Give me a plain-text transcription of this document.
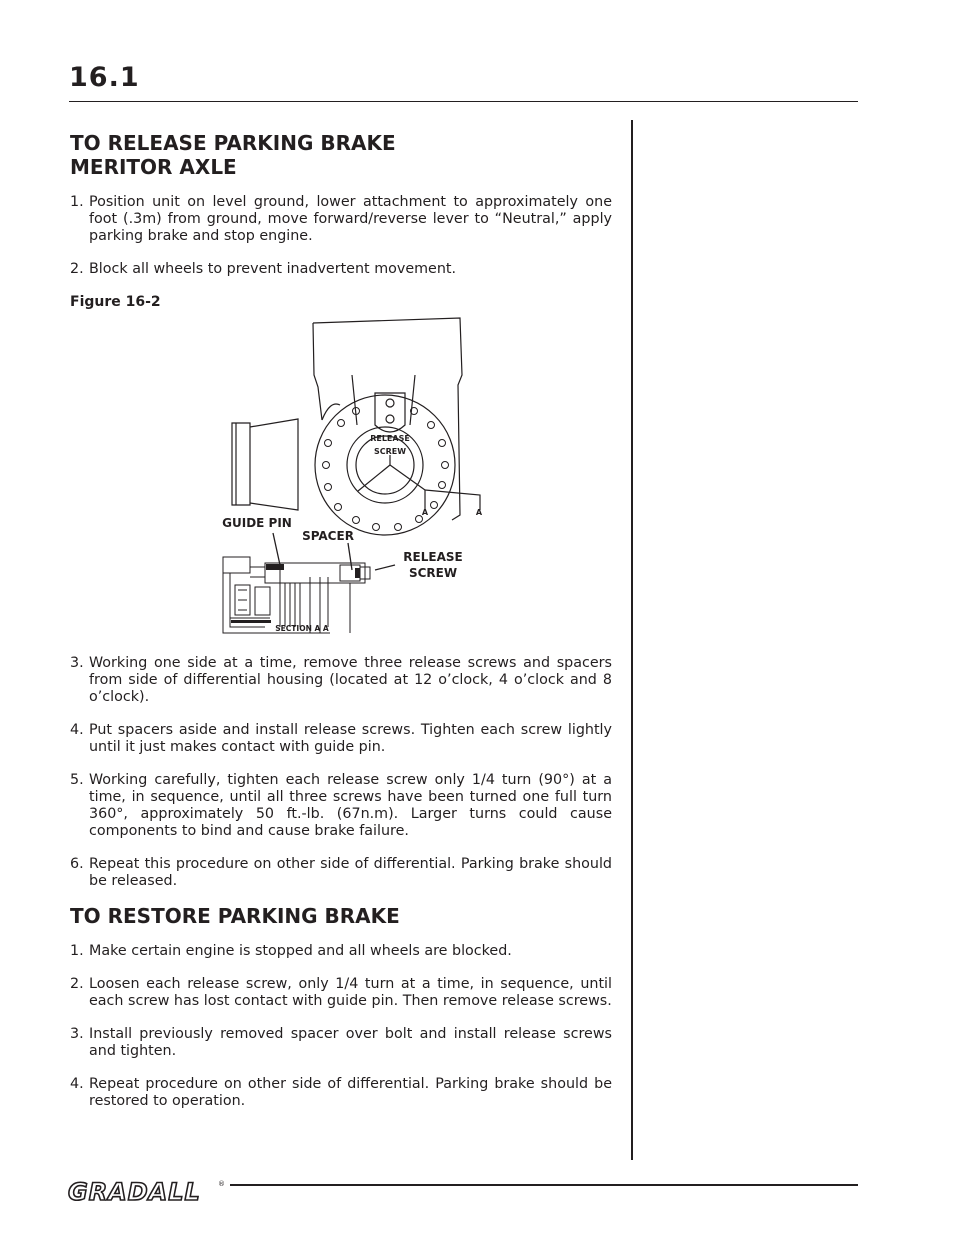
16.1
TO RELEASE PARKING BRAKE
MERITOR AXLE
1. Position unit on level ground, lower attachment to approximately one foot (.3m) from ground, move forward/reverse lever to “Neutral,” apply parking brake and stop engine.
2. Block all wheels to prevent inadvertent movement.

Figure 16-2

3. Working one side at a time, remove three release screws and spacers from side of differential housing (located at 12 o’clock, 4 o’clock and 8 o’clock).
4. Put spacers aside and install release screws. Tighten each screw lightly until it just makes contact with guide pin.
5. Working carefully, tighten each release screw only 1/4 turn (90°) at a time, in sequence, until all three screws have been turned one full turn 360°, approximately 50 ft.-lb. (67n.m). Larger turns could cause components to bind and cause brake failure.
6. Repeat this procedure on other side of differential. Parking brake should be released.
TO RESTORE PARKING BRAKE
1. Make certain engine is stopped and all wheels are blocked.
2. Loosen each release screw, only 1/4 turn at a time, in sequence, until each screw has lost contact with guide pin. Then remove release screws.
3. Install previously removed spacer over bolt and install release screws and tighten.
4. Repeat procedure on other side of differential. Parking brake should be restored to operation.
RELEASE
SCREW
A	A
GUIDE PIN
SPACER
RELEASE
SCREW
SECTION A A
GRADALL ®
